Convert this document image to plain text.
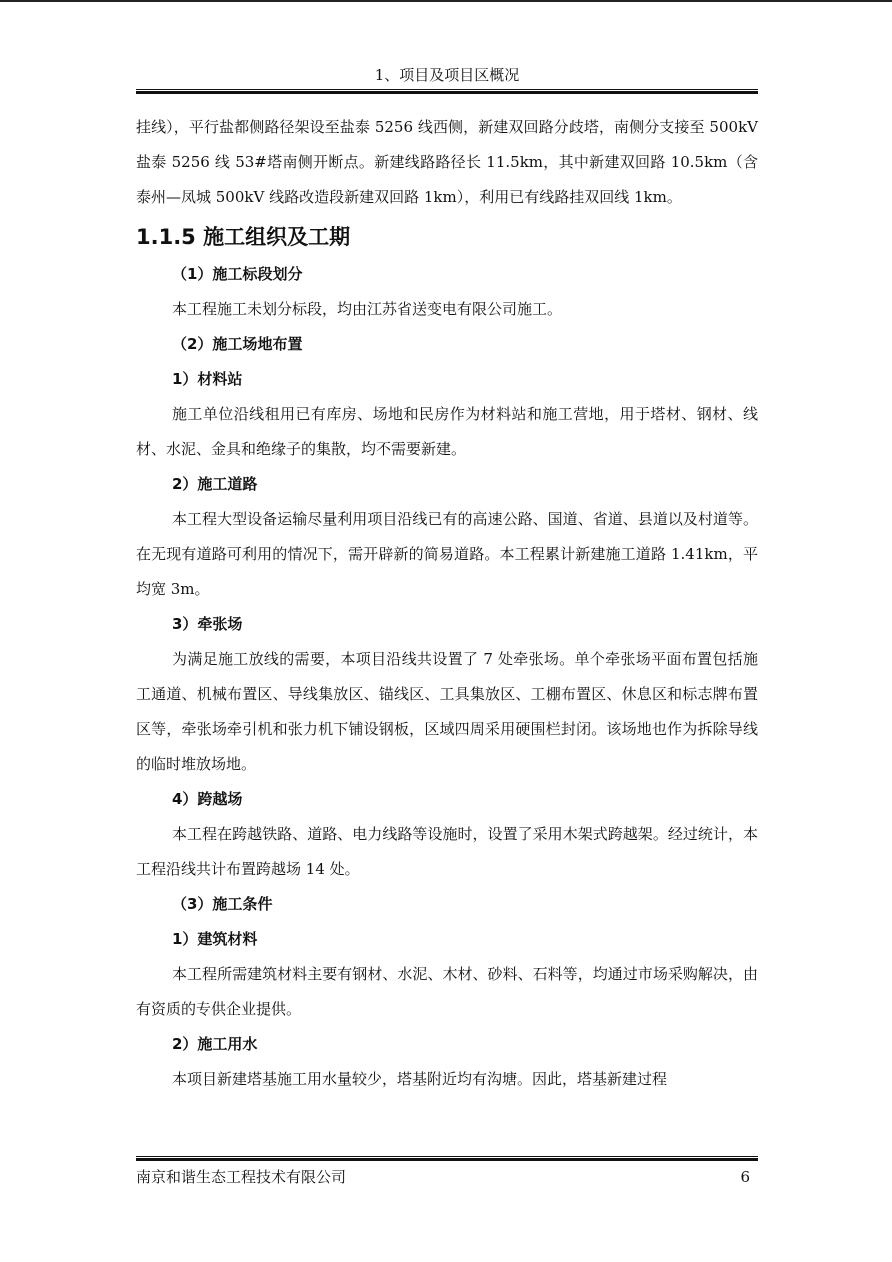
1、项目及项目区概况

挂线），平行盐都侧路径架设至盐泰 5256 线西侧，新建双回路分歧塔，南侧分支接至 500kV 盐泰 5256 线 53#塔南侧开断点。新建线路路径长 11.5km，其中新建双回路 10.5km（含泰州—凤城 500kV 线路改造段新建双回路 1km），利用已有线路挂双回线 1km。

1.1.5 施工组织及工期

（1）施工标段划分

本工程施工未划分标段，均由江苏省送变电有限公司施工。

（2）施工场地布置

1）材料站

施工单位沿线租用已有库房、场地和民房作为材料站和施工营地，用于塔材、钢材、线材、水泥、金具和绝缘子的集散，均不需要新建。

2）施工道路

本工程大型设备运输尽量利用项目沿线已有的高速公路、国道、省道、县道以及村道等。在无现有道路可利用的情况下，需开辟新的简易道路。本工程累计新建施工道路 1.41km，平均宽 3m。

3）牵张场

为满足施工放线的需要，本项目沿线共设置了 7 处牵张场。单个牵张场平面布置包括施工通道、机械布置区、导线集放区、锚线区、工具集放区、工棚布置区、休息区和标志牌布置区等，牵张场牵引机和张力机下铺设钢板，区域四周采用硬围栏封闭。该场地也作为拆除导线的临时堆放场地。

4）跨越场

本工程在跨越铁路、道路、电力线路等设施时，设置了采用木架式跨越架。经过统计，本工程沿线共计布置跨越场 14 处。

（3）施工条件

1）建筑材料

本工程所需建筑材料主要有钢材、水泥、木材、砂料、石料等，均通过市场采购解决，由有资质的专供企业提供。

2）施工用水

本项目新建塔基施工用水量较少，塔基附近均有沟塘。因此，塔基新建过程

南京和谐生态工程技术有限公司	6
